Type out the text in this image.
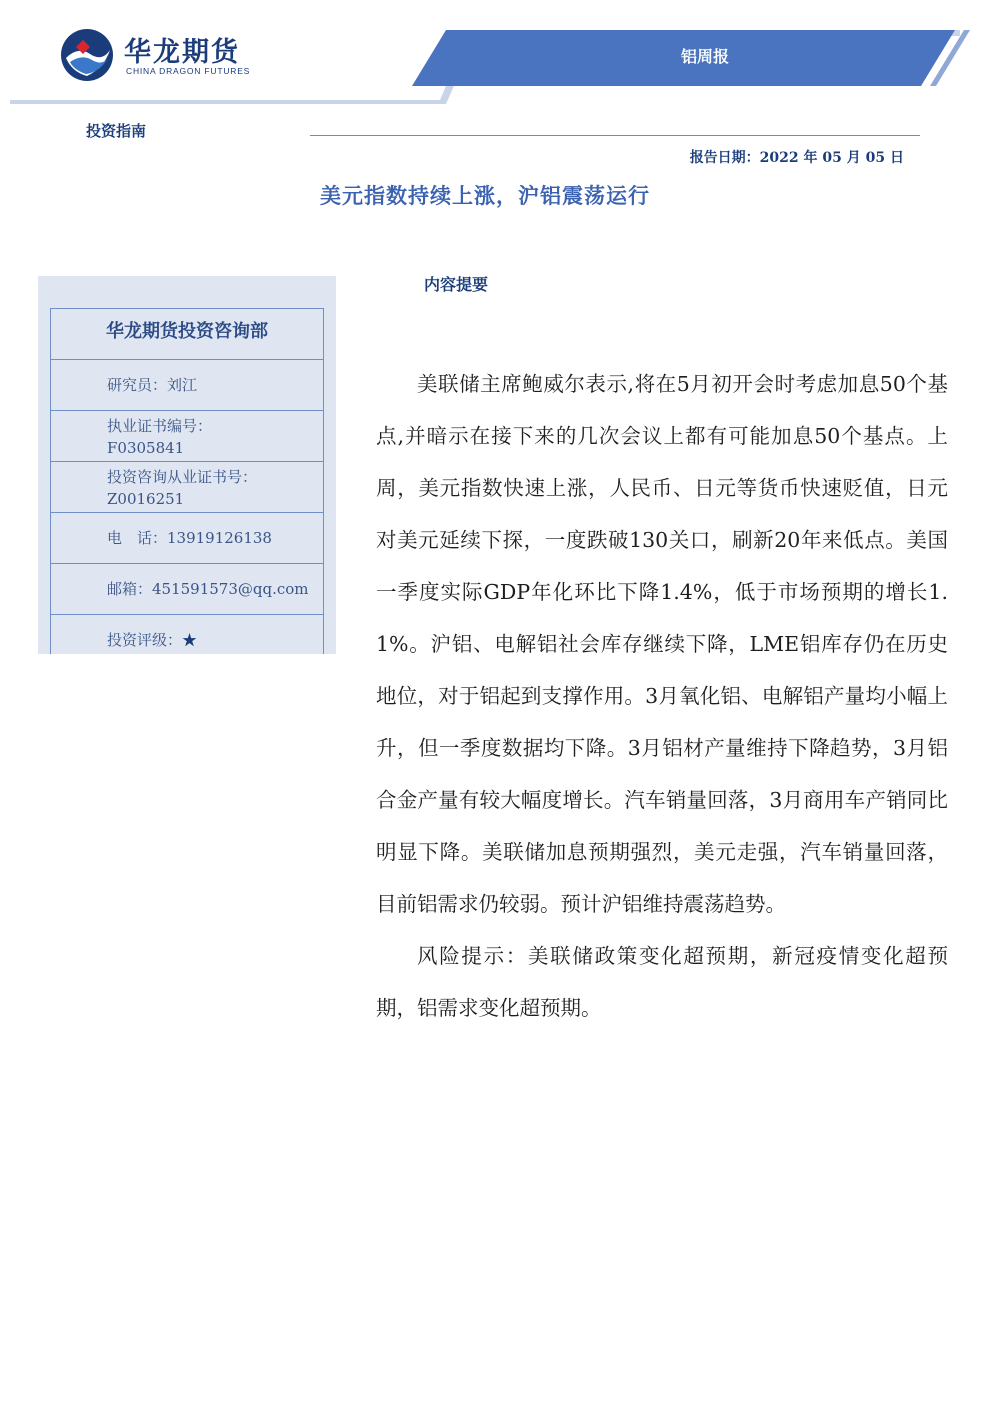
华龙期货
CHINA DRAGON FUTURES
铝周报
投资指南
报告日期：2022 年 05 月 05 日
美元指数持续上涨，沪铝震荡运行
华龙期货投资咨询部
研究员：刘江
执业证书编号：
F0305841
投资咨询从业证书号：
Z0016251
电　话：13919126138
邮箱：451591573@qq.com
投资评级：★
内容提要

美联储主席鲍威尔表示,将在5月初开会时考虑加息50个基点,并暗示在接下来的几次会议上都有可能加息50个基点。上周，美元指数快速上涨，人民币、日元等货币快速贬值，日元对美元延续下探，一度跌破130关口，刷新20年来低点。美国一季度实际GDP年化环比下降1.4%，低于市场预期的增长1.1%。沪铝、电解铝社会库存继续下降，LME铝库存仍在历史地位，对于铝起到支撑作用。3月氧化铝、电解铝产量均小幅上升，但一季度数据均下降。3月铝材产量维持下降趋势，3月铝合金产量有较大幅度增长。汽车销量回落，3月商用车产销同比明显下降。美联储加息预期强烈，美元走强，汽车销量回落，目前铝需求仍较弱。预计沪铝维持震荡趋势。

风险提示：美联储政策变化超预期，新冠疫情变化超预期，铝需求变化超预期。
